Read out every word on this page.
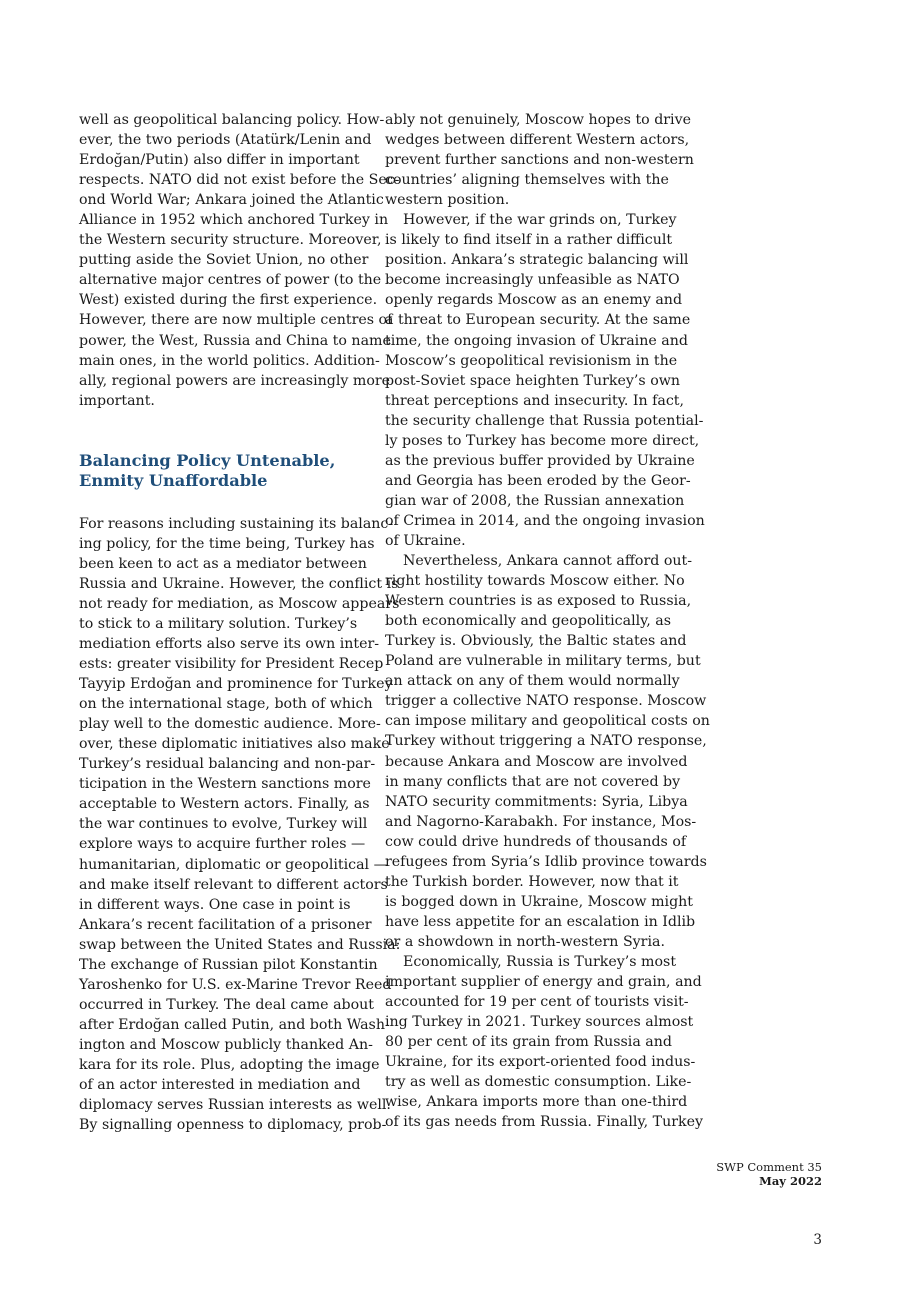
well as geopolitical balancing policy. How-
ever, the two periods (Atatürk/Lenin and
Erdoğan/Putin) also differ in important
respects. NATO did not exist before the Sec-
ond World War; Ankara joined the Atlantic
Alliance in 1952 which anchored Turkey in
the Western security structure. Moreover,
putting aside the Soviet Union, no other
alternative major centres of power (to the
West) existed during the first experience.
However, there are now multiple centres of
power, the West, Russia and China to name
main ones, in the world politics. Addition-
ally, regional powers are increasingly more
important.
Balancing Policy Untenable,
Enmity Unaffordable
For reasons including sustaining its balanc-
ing policy, for the time being, Turkey has
been keen to act as a mediator between
Russia and Ukraine. However, the conflict is
not ready for mediation, as Moscow appears
to stick to a military solution. Turkey’s
mediation efforts also serve its own inter-
ests: greater visibility for President Recep
Tayyip Erdoğan and prominence for Turkey
on the international stage, both of which
play well to the domestic audience. More-
over, these diplomatic initiatives also make
Turkey’s residual balancing and non-par-
ticipation in the Western sanctions more
acceptable to Western actors. Finally, as
the war continues to evolve, Turkey will
explore ways to acquire further roles —
humanitarian, diplomatic or geopolitical —
and make itself relevant to different actors
in different ways. One case in point is
Ankara’s recent facilitation of a prisoner
swap between the United States and Russia:
The exchange of Russian pilot Konstantin
Yaroshenko for U.S. ex-Marine Trevor Reed
occurred in Turkey. The deal came about
after Erdoğan called Putin, and both Wash-
ington and Moscow publicly thanked An-
kara for its role. Plus, adopting the image
of an actor interested in mediation and
diplomacy serves Russian interests as well.
By signalling openness to diplomacy, prob-
ably not genuinely, Moscow hopes to drive
wedges between different Western actors,
prevent further sanctions and non-western
countries’ aligning themselves with the
western position.
However, if the war grinds on, Turkey
is likely to find itself in a rather difficult
position. Ankara’s strategic balancing will
become increasingly unfeasible as NATO
openly regards Moscow as an enemy and
a threat to European security. At the same
time, the ongoing invasion of Ukraine and
Moscow’s geopolitical revisionism in the
post-Soviet space heighten Turkey’s own
threat perceptions and insecurity. In fact,
the security challenge that Russia potential-
ly poses to Turkey has become more direct,
as the previous buffer provided by Ukraine
and Georgia has been eroded by the Geor-
gian war of 2008, the Russian annexation
of Crimea in 2014, and the ongoing invasion
of Ukraine.
Nevertheless, Ankara cannot afford out-
right hostility towards Moscow either. No
Western countries is as exposed to Russia,
both economically and geopolitically, as
Turkey is. Obviously, the Baltic states and
Poland are vulnerable in military terms, but
an attack on any of them would normally
trigger a collective NATO response. Moscow
can impose military and geopolitical costs on
Turkey without triggering a NATO response,
because Ankara and Moscow are involved
in many conflicts that are not covered by
NATO security commitments: Syria, Libya
and Nagorno-Karabakh. For instance, Mos-
cow could drive hundreds of thousands of
refugees from Syria’s Idlib province towards
the Turkish border. However, now that it
is bogged down in Ukraine, Moscow might
have less appetite for an escalation in Idlib
or a showdown in north-western Syria.
Economically, Russia is Turkey’s most
important supplier of energy and grain, and
accounted for 19 per cent of tourists visit-
ing Turkey in 2021. Turkey sources almost
80 per cent of its grain from Russia and
Ukraine, for its export-oriented food indus-
try as well as domestic consumption. Like-
wise, Ankara imports more than one-third
of its gas needs from Russia. Finally, Turkey
SWP Comment 35
May 2022
3
